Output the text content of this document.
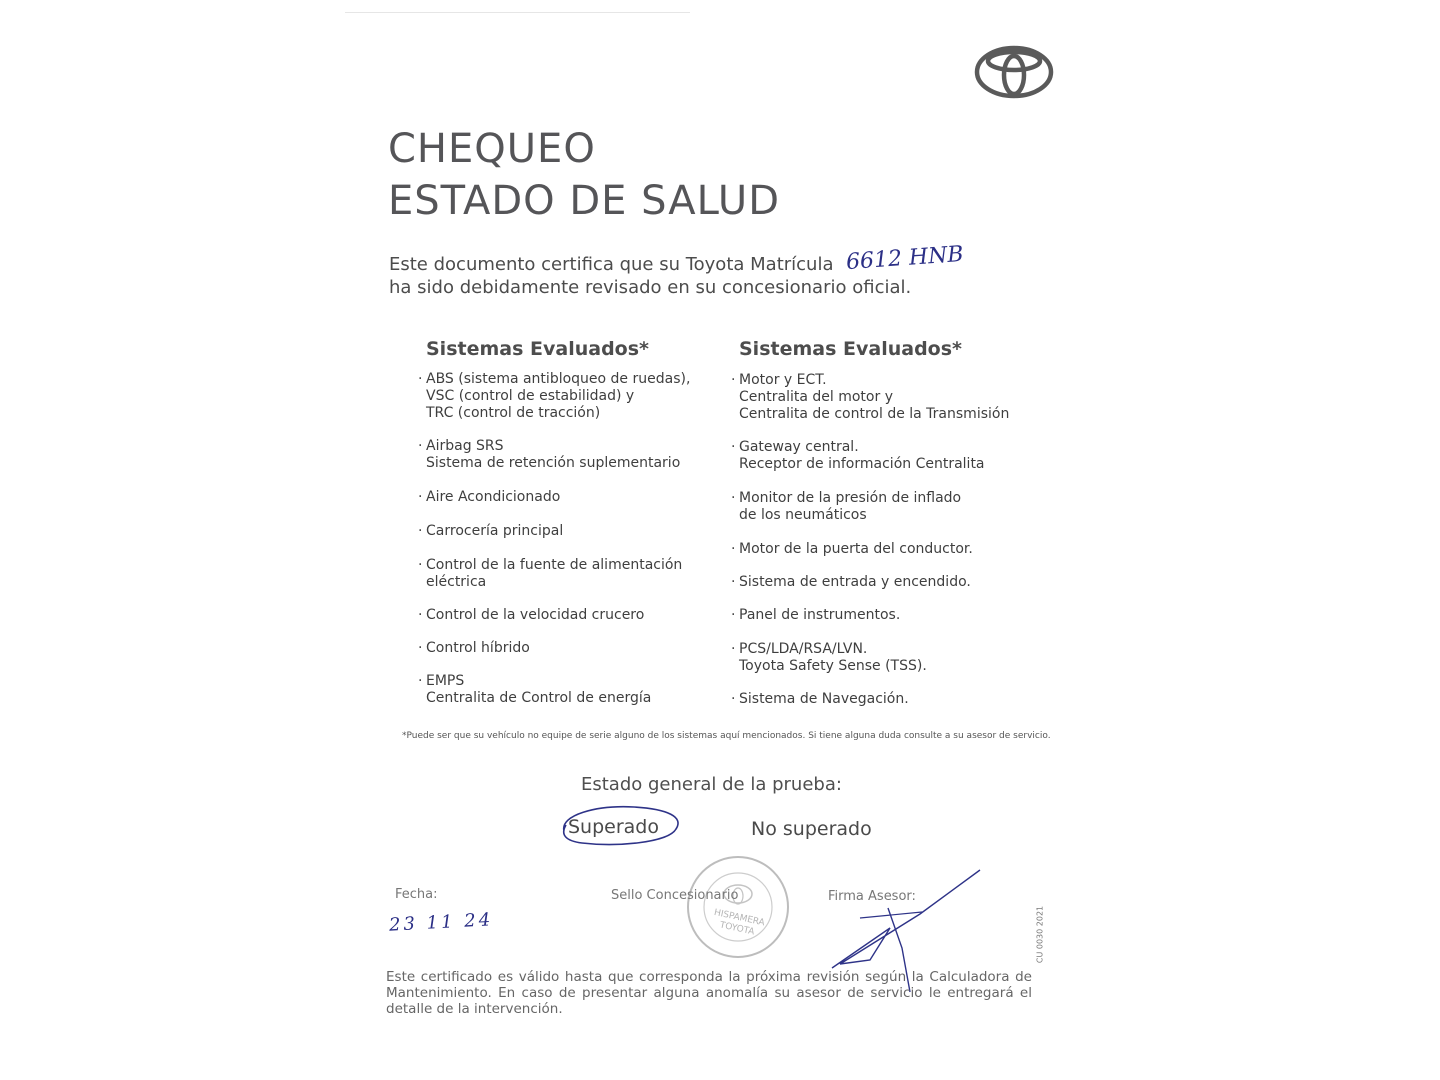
CHEQUEO
ESTADO DE SALUD
Este documento certifica que su Toyota Matrícula 6612 HNB
ha sido debidamente revisado en su concesionario oficial.
Sistemas Evaluados*	Sistemas Evaluados*
· ABS (sistema antibloqueo de ruedas),
VSC (control de estabilidad) y
TRC (control de tracción)
· Airbag SRS
Sistema de retención suplementario
· Aire Acondicionado
· Carrocería principal
· Control de la fuente de alimentación
eléctrica
· Control de la velocidad crucero
· Control híbrido
· EMPS
Centralita de Control de energía
· Motor y ECT.
Centralita del motor y
Centralita de control de la Transmisión
· Gateway central.
Receptor de información Centralita
· Monitor de la presión de inflado
de los neumáticos
· Motor de la puerta del conductor.
· Sistema de entrada y encendido.
· Panel de instrumentos.
· PCS/LDA/RSA/LVN.
Toyota Safety Sense (TSS).
· Sistema de Navegación.
*Puede ser que su vehículo no equipe de serie alguno de los sistemas aquí mencionados. Si tiene alguna duda consulte a su asesor de servicio.
Estado general de la prueba:
Superado	No superado
Fecha:
23 11 24	HISPAMERA TOYOTA
Sello Concesionario	Firma Asesor:
CU 0030 2021
Este certificado es válido hasta que corresponda la próxima revisión según la Calculadora de Mantenimiento. En caso de presentar alguna anomalía su asesor de servicio le entregará el detalle de la intervención.
